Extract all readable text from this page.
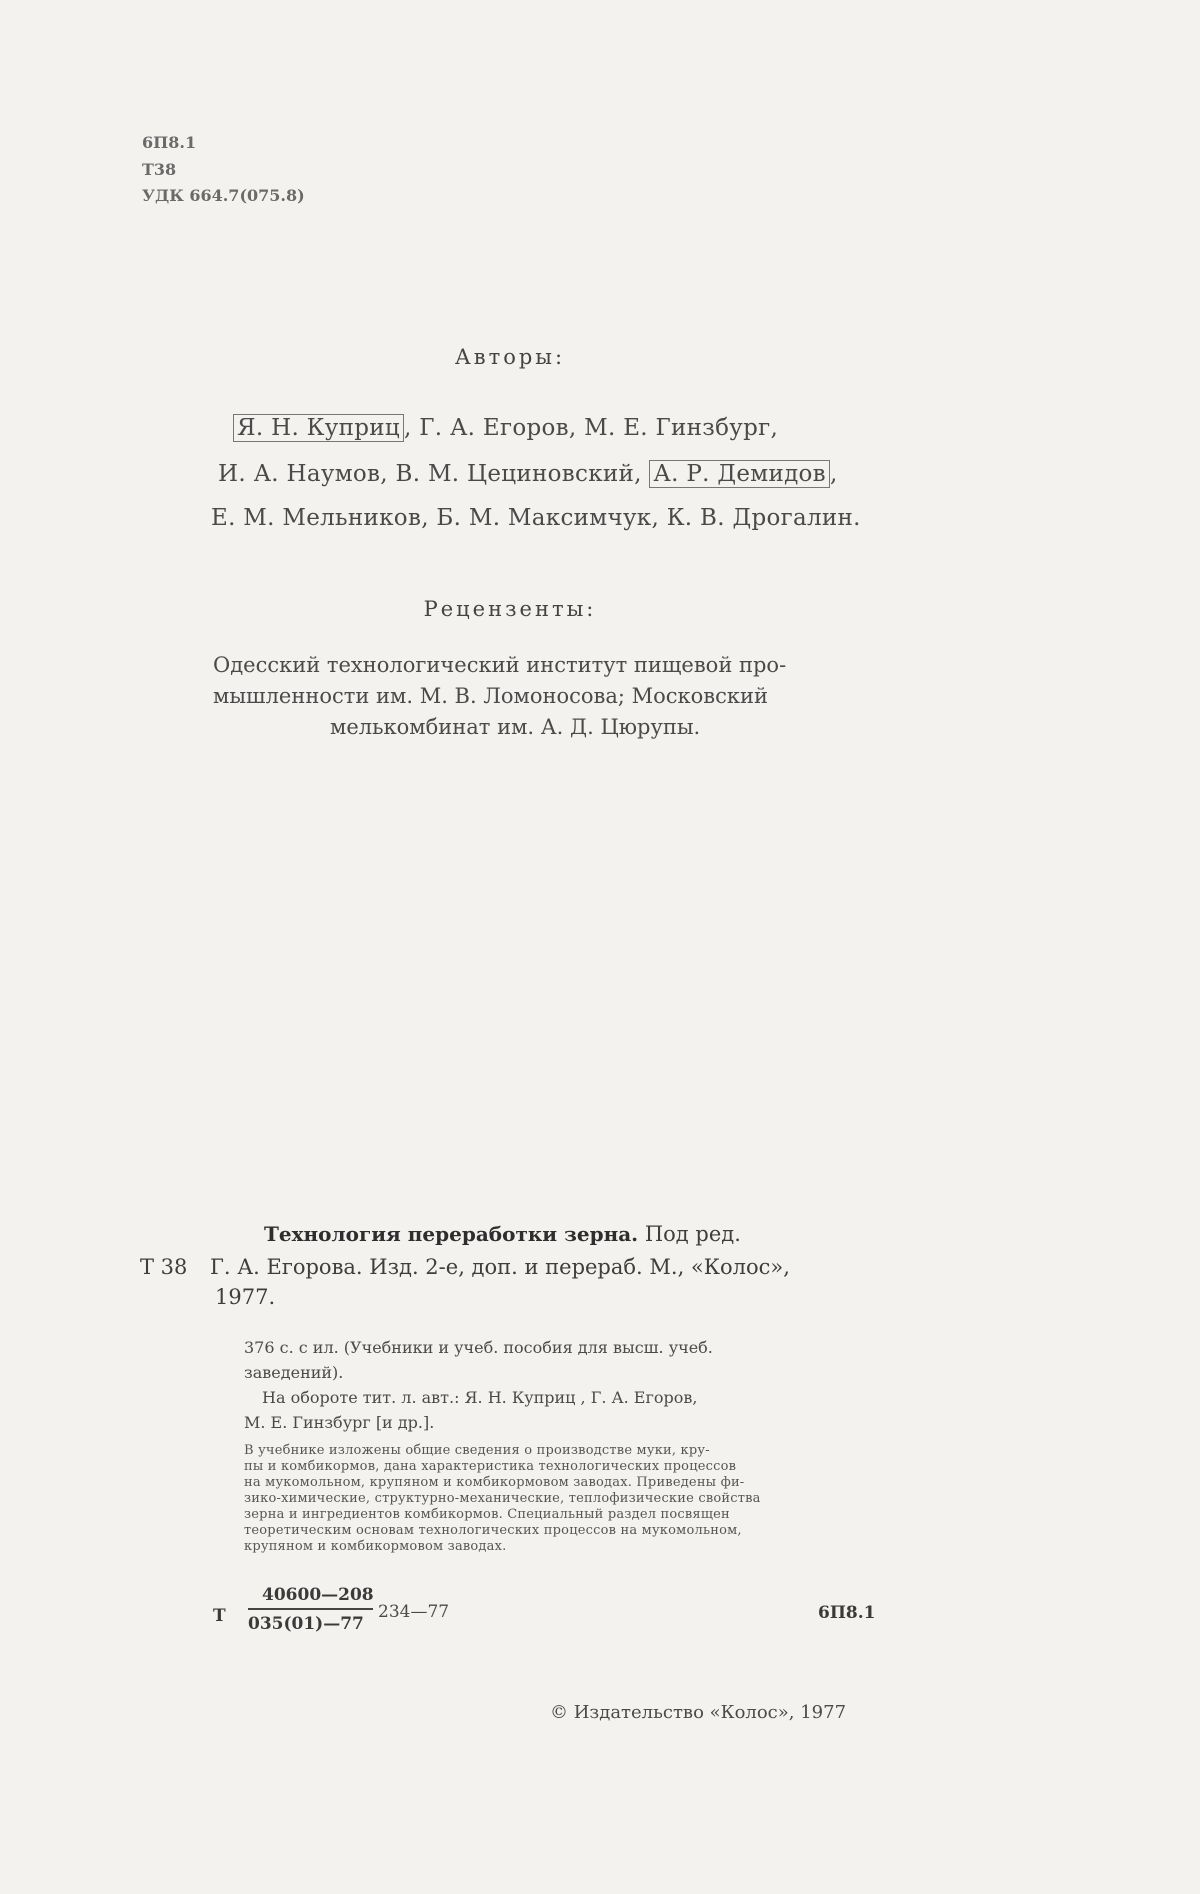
6П8.1
Т38
УДК 664.7(075.8)
Авторы:
Я. Н. Куприц , Г. А. Егоров, М. Е. Гинзбург,
И. А. Наумов, В. М. Цециновский, А. Р. Демидов ,
Е. М. Мельников, Б. М. Максимчук, К. В. Дрогалин.
Рецензенты:
Одесский технологический институт пищевой про-
мышленности им. М. В. Ломоносова; Московский
мелькомбинат им. А. Д. Цюрупы.
Технология переработки зерна. Под ред.
Т 38 Г. А. Егорова. Изд. 2-е, доп. и перераб. М., «Колос»,
1977.
376 с. с ил. (Учебники и учеб. пособия для высш. учеб.
заведений).
На обороте тит. л. авт.: Я. Н. Куприц , Г. А. Егоров,
М. Е. Гинзбург [и др.].
В учебнике изложены общие сведения о производстве муки, кру-
пы и комбикормов, дана характеристика технологических процессов
на мукомольном, крупяном и комбикормовом заводах. Приведены фи-
зико-химические, структурно-механические, теплофизические свойства
зерна и ингредиентов комбикормов. Специальный раздел посвящен
теоретическим основам технологических процессов на мукомольном,
крупяном и комбикормовом заводах.
Т
40600—208
035(01)—77
234—77	6П8.1
© Издательство «Колос», 1977
